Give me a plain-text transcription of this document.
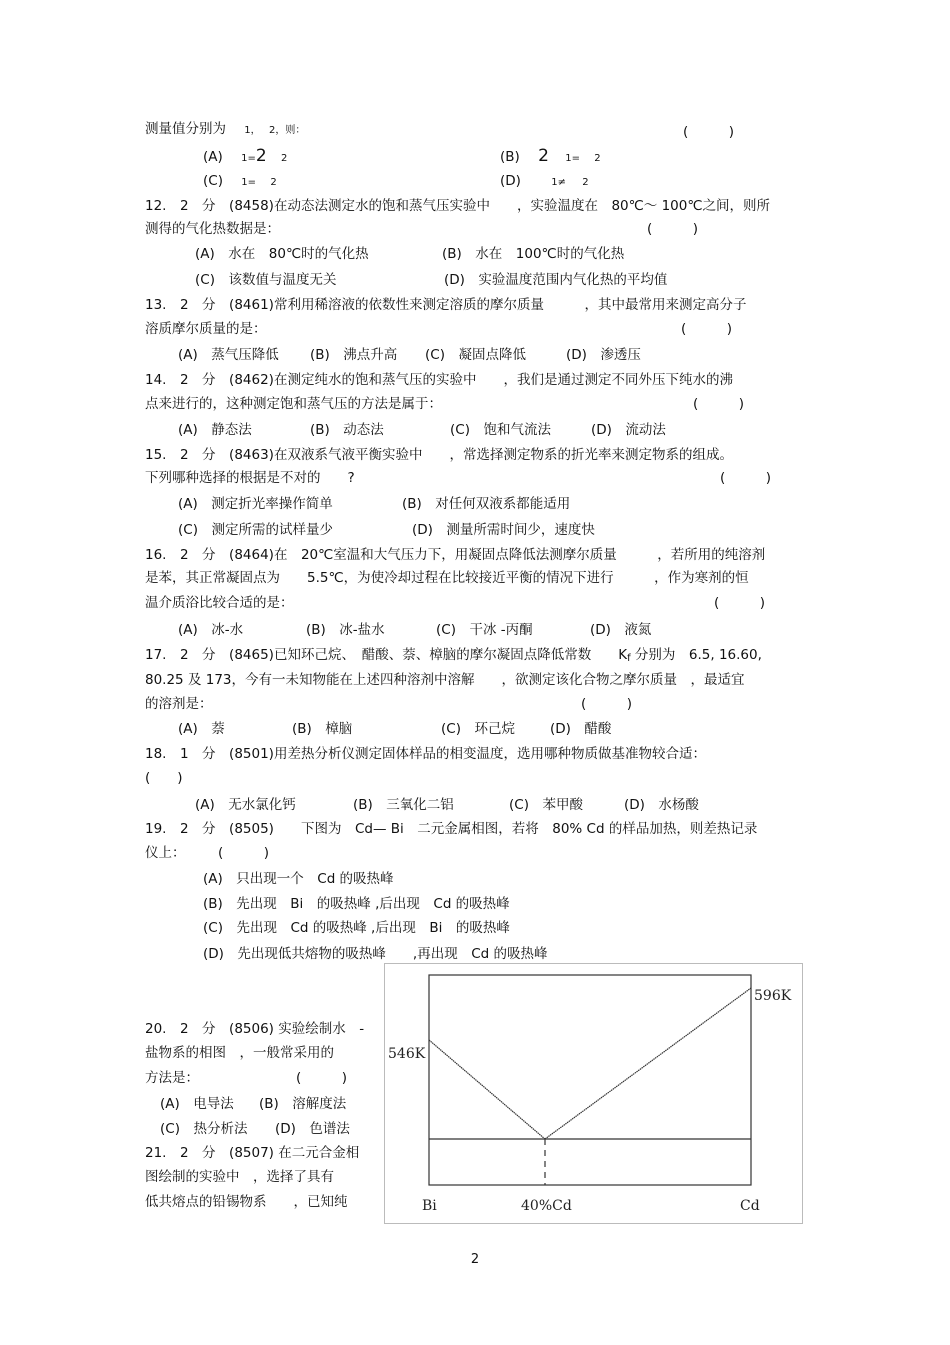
测量值分别为 1， 2，则：	(　　　)
(A) 1=2 2	(B) 2 1= 2
(C) 1= 2	(D)	1≠ 2
12.　2　分　(8458)在动态法测定水的饱和蒸气压实验中　　，实验温度在　80℃～ 100℃之间，则所
测得的气化热数据是：	(　　　)
(A)　水在　80℃时的气化热	(B)　水在　100℃时的气化热
(C)　该数值与温度无关	(D)　实验温度范围内气化热的平均值
13.　2　分　(8461)常利用稀溶液的依数性来测定溶质的摩尔质量　　　，其中最常用来测定高分子
溶质摩尔质量的是：	(　　　)
(A)　蒸气压降低 (B)　沸点升高 (C)　凝固点降低	(D)　渗透压
14.　2　分　(8462)在测定纯水的饱和蒸气压的实验中　　，我们是通过测定不同外压下纯水的沸
点来进行的，这种测定饱和蒸气压的方法是属于：	(　　　)
(A)　静态法	(B)　动态法	(C)　饱和气流法	(D)　流动法
15.　2　分　(8463)在双液系气液平衡实验中　　，常选择测定物系的折光率来测定物系的组成。
下列哪种选择的根据是不对的　　?	(　　　)
(A)　测定折光率操作简单	(B)　对任何双液系都能适用
(C)　测定所需的试样量少	(D)　测量所需时间少，速度快
16.　2　分　(8464)在　20℃室温和大气压力下，用凝固点降低法测摩尔质量　　　，若所用的纯溶剂
是苯，其正常凝固点为　　5.5℃，为使冷却过程在比较接近平衡的情况下进行　　　，作为寒剂的恒
温介质浴比较合适的是：	(　　　)
(A)　冰-水	(B)　冰-盐水	(C)　干冰 -丙酮	(D)　液氮
17.　2　分　(8465)已知环己烷、　醋酸、萘、樟脑的摩尔凝固点降低常数　　Kf 分别为　6.5, 16.60,
80.25 及 173，今有一未知物能在上述四种溶剂中溶解　　，欲测定该化合物之摩尔质量　，最适宜
的溶剂是：	(　　　)
(A)　萘	(B)　樟脑	(C)　环己烷	(D)　醋酸
18.　1　分　(8501)用差热分析仪测定固体样品的相变温度，选用哪种物质做基准物较合适：
(　　)
(A)　无水氯化钙	(B)　三氧化二铝	(C)　苯甲酸	(D)　水杨酸
19.　2　分　(8505)　　下图为　Cd— Bi　二元金属相图，若将　80% Cd 的样品加热，则差热记录
仪上： (　　　)
(A)　只出现一个　Cd 的吸热峰
(B)　先出现　Bi　的吸热峰 ,后出现　Cd 的吸热峰
(C)　先出现　Cd 的吸热峰 ,后出现　Bi　的吸热峰
(D)　先出现低共熔物的吸热峰　　,再出现　Cd 的吸热峰
20.　2　分　(8506) 实验绘制水　-
盐物系的相图　，一般常采用的
方法是：	(　　　)
(A)　电导法 (B)　溶解度法
(C)　热分析法 (D)　色谱法
21.　2　分　(8507) 在二元合金相
图绘制的实验中　，选择了具有
低共熔点的铅锡物系　　，已知纯
546K
596K
Bi	40%Cd	Cd
2
